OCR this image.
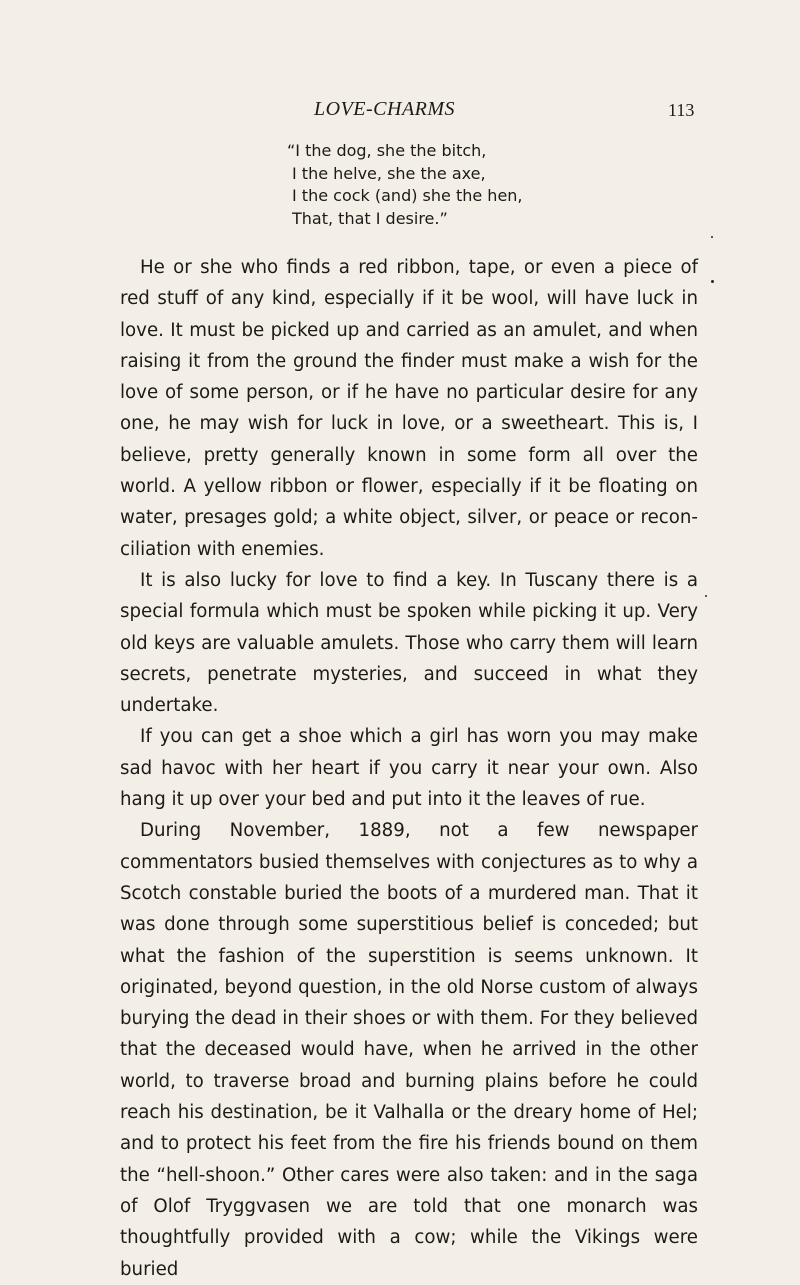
LOVE-CHARMS	113
“I the dog, she the bitch,
I the helve, she the axe,
I the cock (and) she the hen,
That, that I desire.”

He or she who finds a red ribbon, tape, or even a piece of red stuff of any kind, especially if it be wool, will have luck in love. It must be picked up and carried as an amulet, and when raising it from the ground the finder must make a wish for the love of some person, or if he have no particular desire for any one, he may wish for luck in love, or a sweetheart. This is, I believe, pretty generally known in some form all over the world. A yellow ribbon or flower, especially if it be floating on water, presages gold; a white object, silver, or peace or reconciliation with enemies.

It is also lucky for love to find a key. In Tuscany there is a special formula which must be spoken while picking it up. Very old keys are valuable amulets. Those who carry them will learn secrets, penetrate mysteries, and succeed in what they undertake.

If you can get a shoe which a girl has worn you may make sad havoc with her heart if you carry it near your own. Also hang it up over your bed and put into it the leaves of rue.

During November, 1889, not a few newspaper commentators busied themselves with conjectures as to why a Scotch constable buried the boots of a murdered man. That it was done through some superstitious belief is conceded; but what the fashion of the superstition is seems unknown. It originated, beyond question, in the old Norse custom of always burying the dead in their shoes or with them. For they believed that the deceased would have, when he arrived in the other world, to traverse broad and burning plains before he could reach his destination, be it Valhalla or the dreary home of Hel; and to protect his feet from the fire his friends bound on them the “hell-shoon.” Other cares were also taken: and in the saga of Olof Tryggvasen we are told that one monarch was thoughtfully provided with a cow; while the Vikings were buried
